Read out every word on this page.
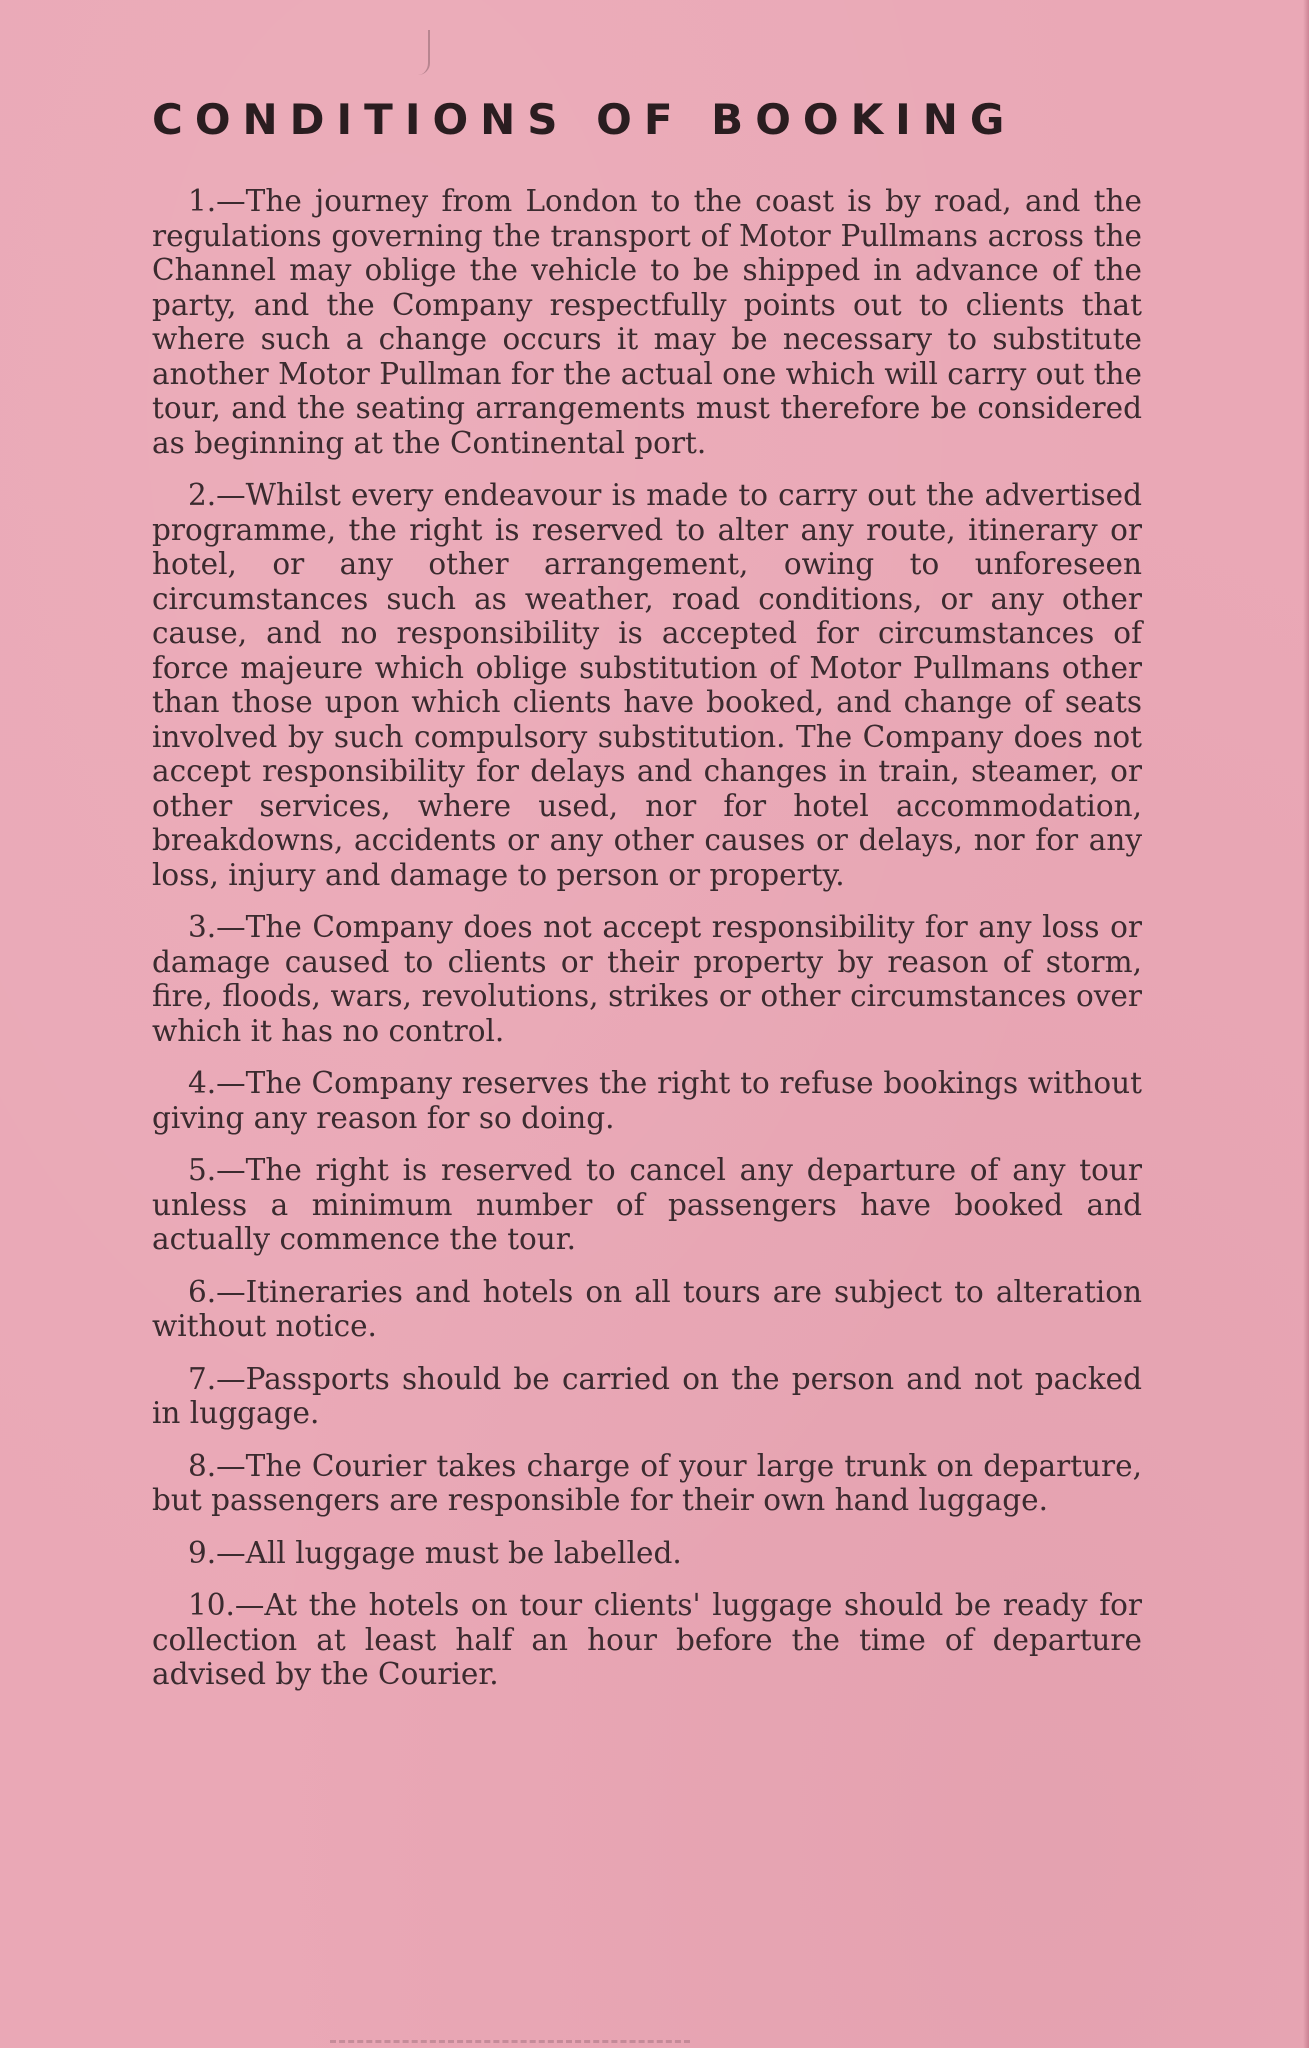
CONDITIONS OF BOOKING

1.—The journey from London to the coast is by road, and the regulations governing the transport of Motor Pullmans across the Channel may oblige the vehicle to be shipped in advance of the party, and the Company respectfully points out to clients that where such a change occurs it may be necessary to substitute another Motor Pullman for the actual one which will carry out the tour, and the seating arrangements must therefore be considered as beginning at the Continental port.

2.—Whilst every endeavour is made to carry out the advertised programme, the right is reserved to alter any route, itinerary or hotel, or any other arrangement, owing to unforeseen circumstances such as weather, road conditions, or any other cause, and no responsibility is accepted for circumstances of force majeure which oblige substitution of Motor Pullmans other than those upon which clients have booked, and change of seats involved by such compulsory substitution. The Company does not accept responsibility for delays and changes in train, steamer, or other services, where used, nor for hotel accommodation, breakdowns, accidents or any other causes or delays, nor for any loss, injury and damage to person or property.

3.—The Company does not accept responsibility for any loss or damage caused to clients or their property by reason of storm, fire, floods, wars, revolutions, strikes or other circumstances over which it has no control.

4.—The Company reserves the right to refuse bookings without giving any reason for so doing.

5.—The right is reserved to cancel any departure of any tour unless a minimum number of passengers have booked and actually commence the tour.

6.—Itineraries and hotels on all tours are subject to alteration without notice.

7.—Passports should be carried on the person and not packed in luggage.

8.—The Courier takes charge of your large trunk on departure, but passengers are responsible for their own hand luggage.

9.—All luggage must be labelled.

10.—At the hotels on tour clients' luggage should be ready for collection at least half an hour before the time of departure advised by the Courier.
